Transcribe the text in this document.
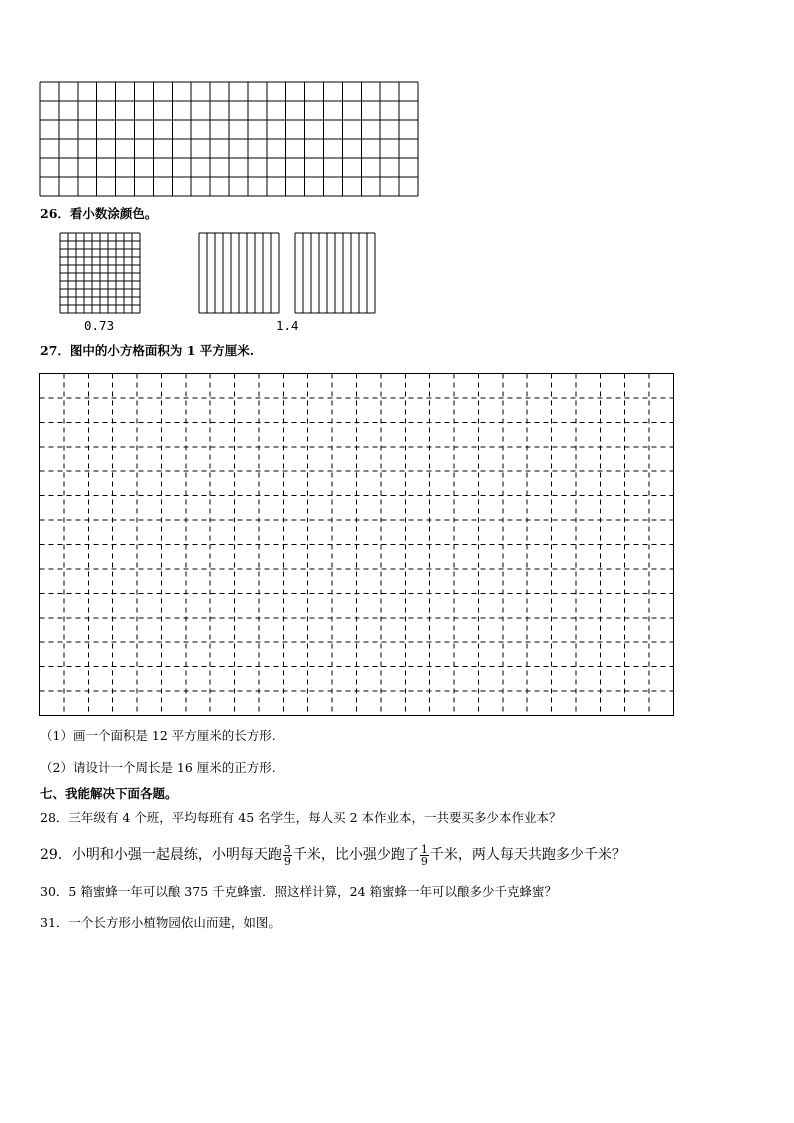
26．看小数涂颜色。
0.73	1.4
27．图中的小方格面积为 1 平方厘米.
（1）画一个面积是 12 平方厘米的长方形.
（2）请设计一个周长是 16 厘米的正方形.
七、我能解决下面各题。
28．三年级有 4 个班，平均每班有 45 名学生，每人买 2 本作业本，一共要买多少本作业本？
29．小明和小强一起晨练，小明每天跑 $\frac{3}{9}$ 千米，比小强少跑了 $\frac{1}{9}$ 千米，两人每天共跑多少千米？
30．5 箱蜜蜂一年可以酿 375 千克蜂蜜．照这样计算，24 箱蜜蜂一年可以酿多少千克蜂蜜？
31．一个长方形小植物园依山而建，如图。
